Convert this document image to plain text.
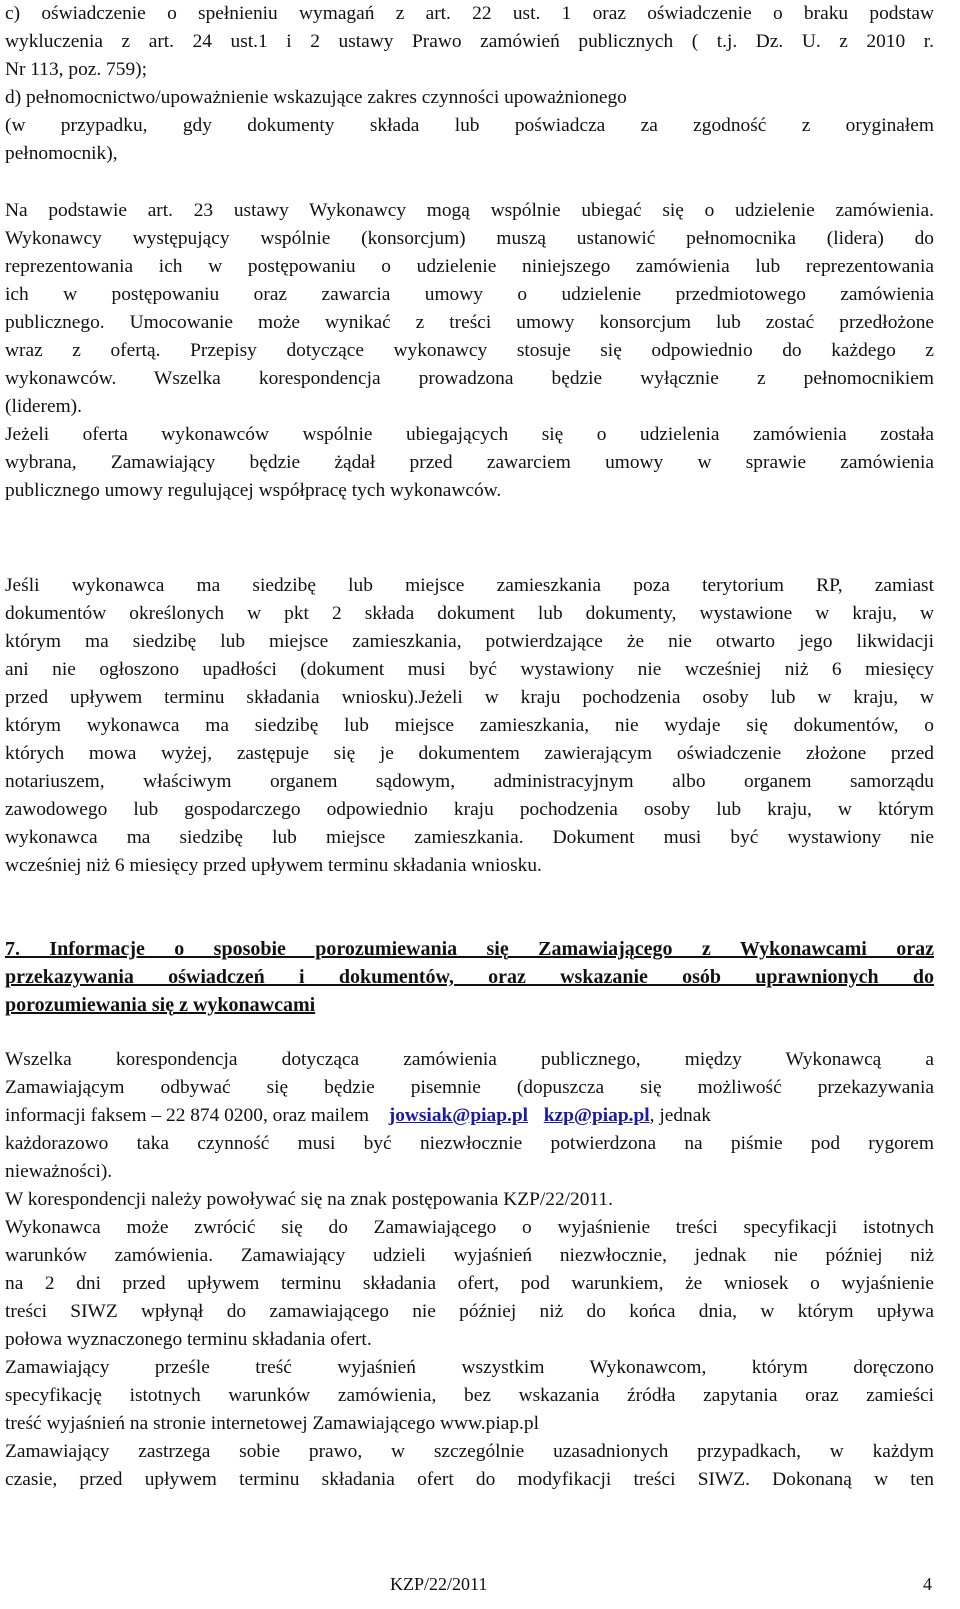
c) oświadczenie o spełnieniu wymagań z art. 22 ust. 1 oraz oświadczenie o braku podstaw
wykluczenia z art. 24 ust.1 i 2 ustawy Prawo zamówień publicznych ( t.j. Dz. U. z 2010 r.
Nr 113, poz. 759);
d) pełnomocnictwo/upoważnienie wskazujące zakres czynności upoważnionego
(w przypadku, gdy dokumenty składa lub poświadcza za zgodność z oryginałem
pełnomocnik),
Na podstawie art. 23 ustawy Wykonawcy mogą wspólnie ubiegać się o udzielenie zamówienia.
Wykonawcy występujący wspólnie (konsorcjum) muszą ustanowić pełnomocnika (lidera) do
reprezentowania ich w postępowaniu o udzielenie niniejszego zamówienia lub reprezentowania
ich w postępowaniu oraz zawarcia umowy o udzielenie przedmiotowego zamówienia
publicznego. Umocowanie może wynikać z treści umowy konsorcjum lub zostać przedłożone
wraz z ofertą. Przepisy dotyczące wykonawcy stosuje się odpowiednio do każdego z
wykonawców. Wszelka korespondencja prowadzona będzie wyłącznie z pełnomocnikiem
(liderem).
Jeżeli oferta wykonawców wspólnie ubiegających się o udzielenia zamówienia została
wybrana, Zamawiający będzie żądał przed zawarciem umowy w sprawie zamówienia
publicznego umowy regulującej współpracę tych wykonawców.
Jeśli wykonawca ma siedzibę lub miejsce zamieszkania poza terytorium RP, zamiast
dokumentów określonych w pkt 2 składa dokument lub dokumenty, wystawione w kraju, w
którym ma siedzibę lub miejsce zamieszkania, potwierdzające że nie otwarto jego likwidacji
ani nie ogłoszono upadłości (dokument musi być wystawiony nie wcześniej niż 6 miesięcy
przed upływem terminu składania wniosku).Jeżeli w kraju pochodzenia osoby lub w kraju, w
którym wykonawca ma siedzibę lub miejsce zamieszkania, nie wydaje się dokumentów, o
których mowa wyżej, zastępuje się je dokumentem zawierającym oświadczenie złożone przed
notariuszem, właściwym organem sądowym, administracyjnym albo organem samorządu
zawodowego lub gospodarczego odpowiednio kraju pochodzenia osoby lub kraju, w którym
wykonawca ma siedzibę lub miejsce zamieszkania. Dokument musi być wystawiony nie
wcześniej niż 6 miesięcy przed upływem terminu składania wniosku.
7. Informacje o sposobie porozumiewania się Zamawiającego z Wykonawcami oraz
przekazywania oświadczeń i dokumentów, oraz wskazanie osób uprawnionych do
porozumiewania się z wykonawcami
Wszelka korespondencja dotycząca zamówienia publicznego, między Wykonawcą a
Zamawiającym odbywać się będzie pisemnie (dopuszcza się możliwość przekazywania
informacji faksem – 22 874 0200, oraz mailem jowsiak@piap.pl kzp@piap.pl, jednak
każdorazowo taka czynność musi być niezwłocznie potwierdzona na piśmie pod rygorem
nieważności).
W korespondencji należy powoływać się na znak postępowania KZP/22/2011.
Wykonawca może zwrócić się do Zamawiającego o wyjaśnienie treści specyfikacji istotnych
warunków zamówienia. Zamawiający udzieli wyjaśnień niezwłocznie, jednak nie później niż
na 2 dni przed upływem terminu składania ofert, pod warunkiem, że wniosek o wyjaśnienie
treści SIWZ wpłynął do zamawiającego nie później niż do końca dnia, w którym upływa
połowa wyznaczonego terminu składania ofert.
Zamawiający prześle treść wyjaśnień wszystkim Wykonawcom, którym doręczono
specyfikację istotnych warunków zamówienia, bez wskazania źródła zapytania oraz zamieści
treść wyjaśnień na stronie internetowej Zamawiającego www.piap.pl
Zamawiający zastrzega sobie prawo, w szczególnie uzasadnionych przypadkach, w każdym
czasie, przed upływem terminu składania ofert do modyfikacji treści SIWZ. Dokonaną w ten
KZP/22/2011	4
